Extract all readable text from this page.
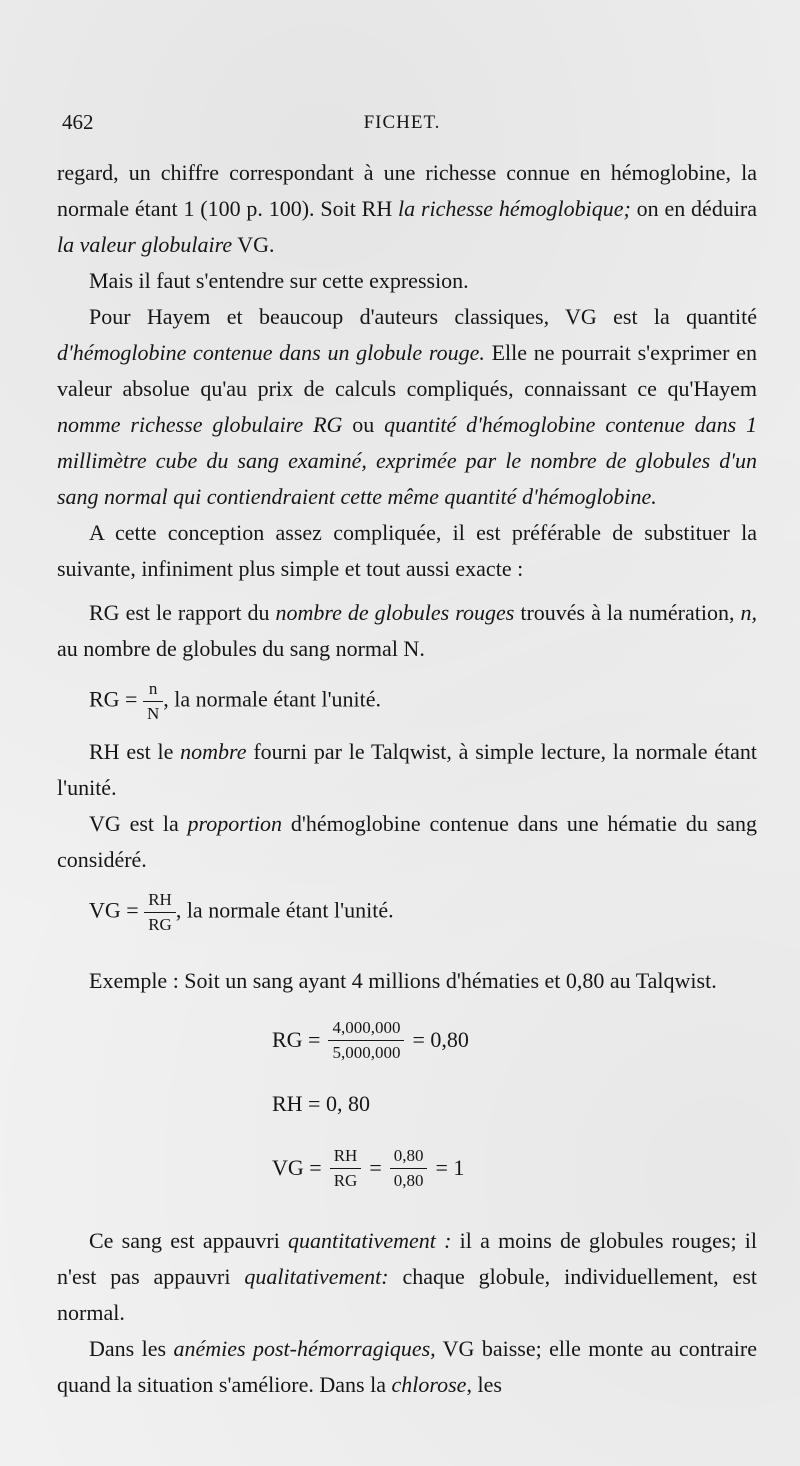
462	FICHET.

regard, un chiffre correspondant à une richesse connue en hémoglobine, la normale étant 1 (100 p. 100). Soit RH la richesse hémoglobique; on en déduira la valeur globulaire VG.

Mais il faut s'entendre sur cette expression.

Pour Hayem et beaucoup d'auteurs classiques, VG est la quantité d'hémoglobine contenue dans un globule rouge. Elle ne pourrait s'exprimer en valeur absolue qu'au prix de calculs compliqués, connaissant ce qu'Hayem nomme richesse globulaire RG ou quantité d'hémoglobine contenue dans 1 millimètre cube du sang examiné, exprimée par le nombre de globules d'un sang normal qui contiendraient cette même quantité d'hémoglobine.

A cette conception assez compliquée, il est préférable de substituer la suivante, infiniment plus simple et tout aussi exacte :

RG est le rapport du nombre de globules rouges trouvés à la numération, n, au nombre de globules du sang normal N.

RG = $\frac{n}{N}$ , la normale étant l'unité.

RH est le nombre fourni par le Talqwist, à simple lecture, la normale étant l'unité.

VG est la proportion d'hémoglobine contenue dans une hématie du sang considéré.

VG = $\frac{RH}{RG}$ , la normale étant l'unité.

Exemple : Soit un sang ayant 4 millions d'hématies et 0,80 au Talqwist.

RG = $\frac{4,000,000}{5,000,000} = 0,80$
RH = 0, 80
VG = $\frac{RH}{RG} = \frac{0,80}{0,80} = 1$

Ce sang est appauvri quantitativement : il a moins de globules rouges; il n'est pas appauvri qualitativement: chaque globule, individuellement, est normal.

Dans les anémies post-hémorragiques, VG baisse; elle monte au contraire quand la situation s'améliore. Dans la chlorose, les
